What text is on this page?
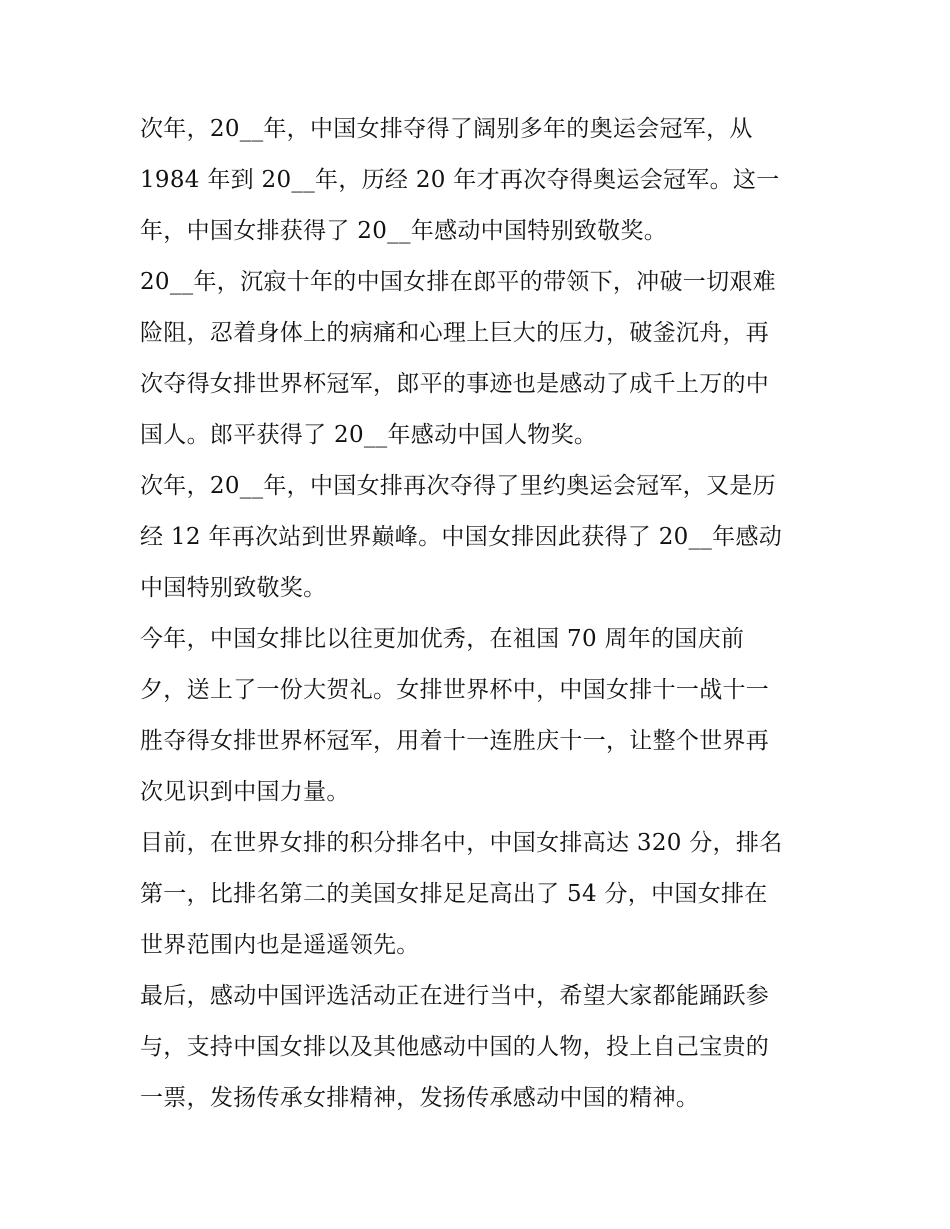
次年，20__年，中国女排夺得了阔别多年的奥运会冠军，从
1984 年到 20__年，历经 20 年才再次夺得奥运会冠军。这一
年，中国女排获得了 20__年感动中国特别致敬奖。
20__年，沉寂十年的中国女排在郎平的带领下，冲破一切艰难
险阻，忍着身体上的病痛和心理上巨大的压力，破釜沉舟，再
次夺得女排世界杯冠军，郎平的事迹也是感动了成千上万的中
国人。郎平获得了 20__年感动中国人物奖。
次年，20__年，中国女排再次夺得了里约奥运会冠军，又是历
经 12 年再次站到世界巅峰。中国女排因此获得了 20__年感动
中国特别致敬奖。
今年，中国女排比以往更加优秀，在祖国 70 周年的国庆前
夕，送上了一份大贺礼。女排世界杯中，中国女排十一战十一
胜夺得女排世界杯冠军，用着十一连胜庆十一，让整个世界再
次见识到中国力量。
目前，在世界女排的积分排名中，中国女排高达 320 分，排名
第一，比排名第二的美国女排足足高出了 54 分，中国女排在
世界范围内也是遥遥领先。
最后，感动中国评选活动正在进行当中，希望大家都能踊跃参
与，支持中国女排以及其他感动中国的人物，投上自己宝贵的
一票，发扬传承女排精神，发扬传承感动中国的精神。
